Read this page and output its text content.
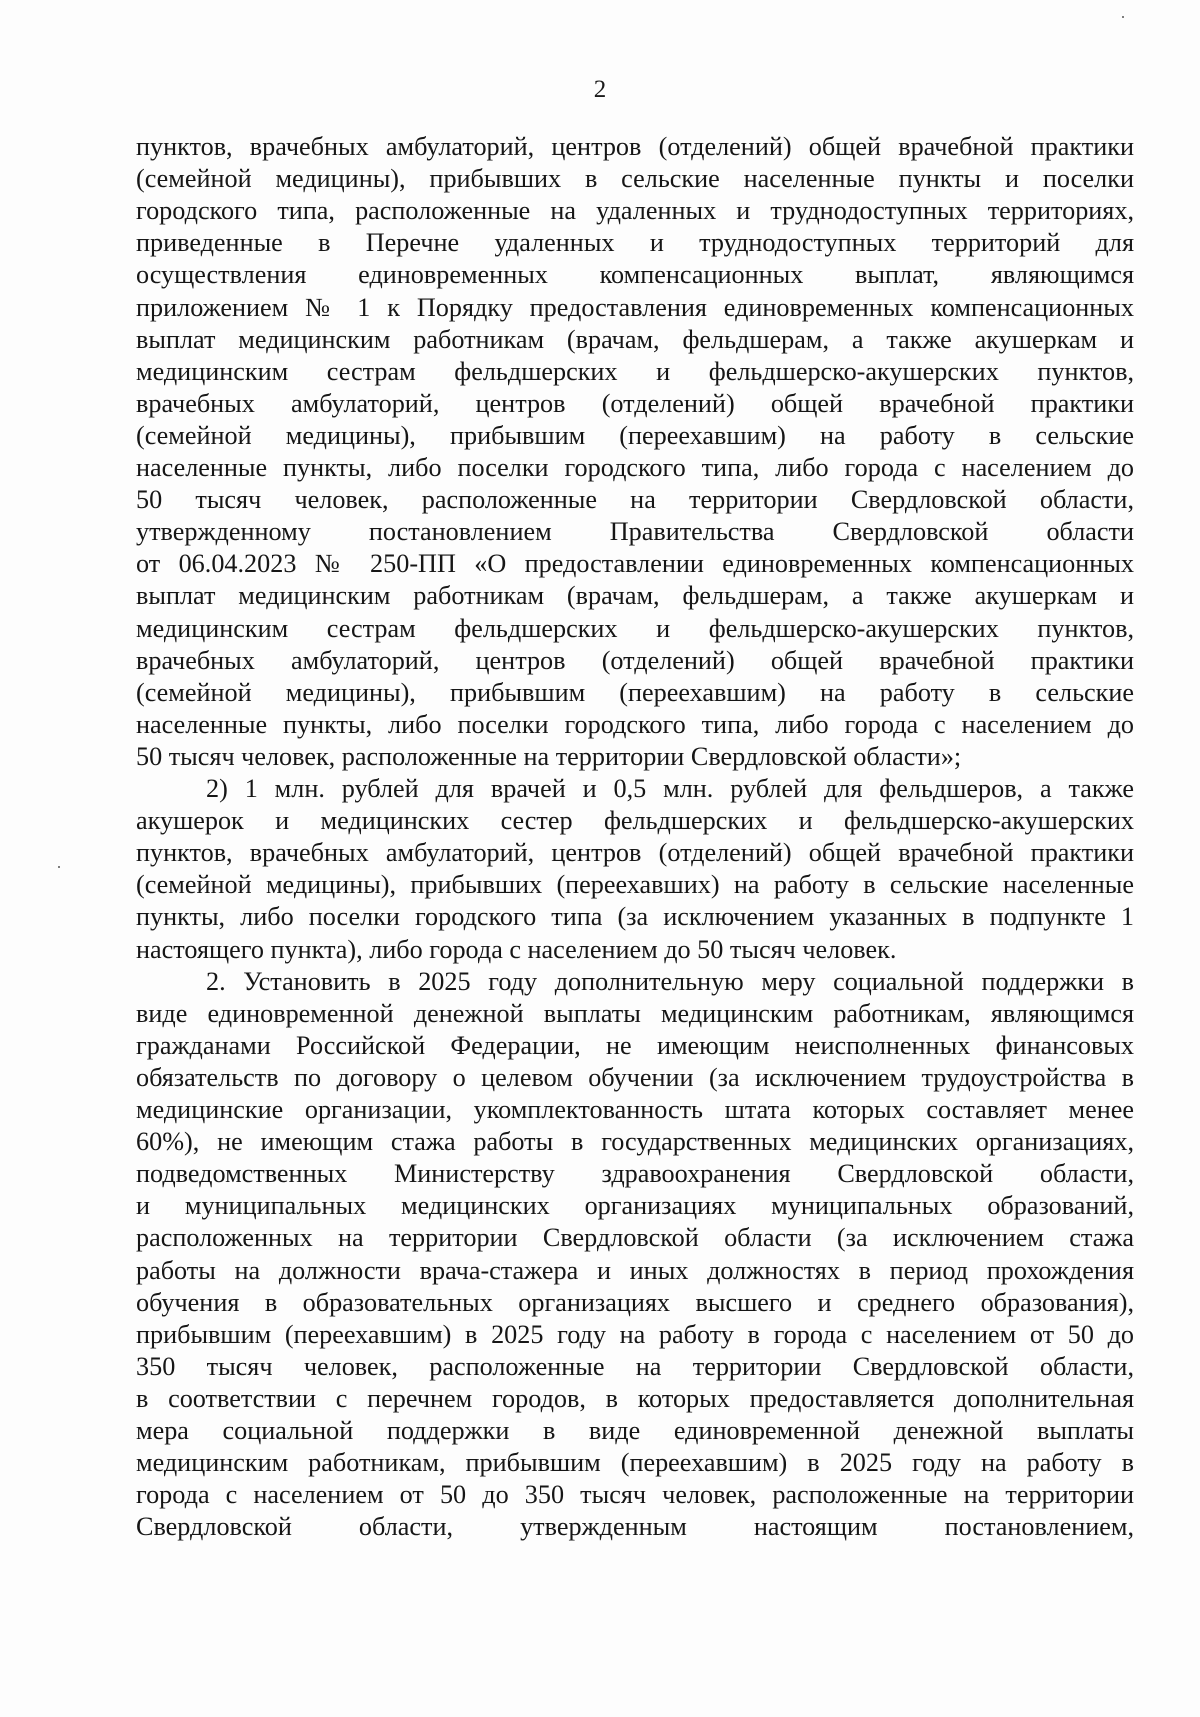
2
пунктов, врачебных амбулаторий, центров (отделений) общей врачебной практики
(семейной медицины), прибывших в сельские населенные пункты и поселки
городского типа, расположенные на удаленных и труднодоступных территориях,
приведенные в Перечне удаленных и труднодоступных территорий для
осуществления единовременных компенсационных выплат, являющимся
приложением № 1 к Порядку предоставления единовременных компенсационных
выплат медицинским работникам (врачам, фельдшерам, а также акушеркам и
медицинским сестрам фельдшерских и фельдшерско-акушерских пунктов,
врачебных амбулаторий, центров (отделений) общей врачебной практики
(семейной медицины), прибывшим (переехавшим) на работу в сельские
населенные пункты, либо поселки городского типа, либо города с населением до
50 тысяч человек, расположенные на территории Свердловской области,
утвержденному постановлением Правительства Свердловской области
от 06.04.2023 № 250-ПП «О предоставлении единовременных компенсационных
выплат медицинским работникам (врачам, фельдшерам, а также акушеркам и
медицинским сестрам фельдшерских и фельдшерско-акушерских пунктов,
врачебных амбулаторий, центров (отделений) общей врачебной практики
(семейной медицины), прибывшим (переехавшим) на работу в сельские
населенные пункты, либо поселки городского типа, либо города с населением до
50 тысяч человек, расположенные на территории Свердловской области»;
2) 1 млн. рублей для врачей и 0,5 млн. рублей для фельдшеров, а также
акушерок и медицинских сестер фельдшерских и фельдшерско-акушерских
пунктов, врачебных амбулаторий, центров (отделений) общей врачебной практики
(семейной медицины), прибывших (переехавших) на работу в сельские населенные
пункты, либо поселки городского типа (за исключением указанных в подпункте 1
настоящего пункта), либо города с населением до 50 тысяч человек.
2. Установить в 2025 году дополнительную меру социальной поддержки в
виде единовременной денежной выплаты медицинским работникам, являющимся
гражданами Российской Федерации, не имеющим неисполненных финансовых
обязательств по договору о целевом обучении (за исключением трудоустройства в
медицинские организации, укомплектованность штата которых составляет менее
60%), не имеющим стажа работы в государственных медицинских организациях,
подведомственных Министерству здравоохранения Свердловской области,
и муниципальных медицинских организациях муниципальных образований,
расположенных на территории Свердловской области (за исключением стажа
работы на должности врача-стажера и иных должностях в период прохождения
обучения в образовательных организациях высшего и среднего образования),
прибывшим (переехавшим) в 2025 году на работу в города с населением от 50 до
350 тысяч человек, расположенные на территории Свердловской области,
в соответствии с перечнем городов, в которых предоставляется дополнительная
мера социальной поддержки в виде единовременной денежной выплаты
медицинским работникам, прибывшим (переехавшим) в 2025 году на работу в
города с населением от 50 до 350 тысяч человек, расположенные на территории
Свердловской области, утвержденным настоящим постановлением,
